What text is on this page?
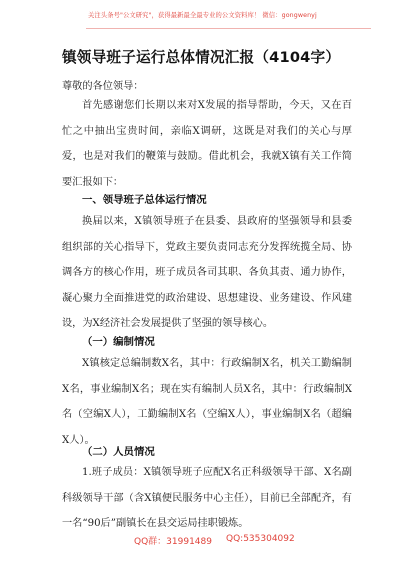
关注头条号"公文研究"，获得最新最全最专业的公文资料库！ 微信：gongwenyj
镇领导班子运行总体情况汇报（4104字）
尊敬的各位领导：
首先感谢您们长期以来对X发展的指导帮助，今天，又在百忙之中抽出宝贵时间，亲临X调研，这既是对我们的关心与厚爱，也是对我们的鞭策与鼓励。借此机会，我就X镇有关工作简要汇报如下：
一、领导班子总体运行情况
换届以来，X镇领导班子在县委、县政府的坚强领导和县委组织部的关心指导下，党政主要负责同志充分发挥统揽全局、协调各方的核心作用，班子成员各司其职、各负其责、通力协作，凝心聚力全面推进党的政治建设、思想建设、业务建设、作风建设，为X经济社会发展提供了坚强的领导核心。
（一）编制情况
X镇核定总编制数X名，其中：行政编制X名，机关工勤编制X名，事业编制X名；现在实有编制人员X名，其中：行政编制X名（空编X人），工勤编制X名（空编X人），事业编制X名（超编X人）。
（二）人员情况
1.班子成员：X镇领导班子应配X名正科级领导干部、X名副科级领导干部（含X镇便民服务中心主任），目前已全部配齐，有一名“90后”副镇长在县交运局挂职锻炼。
QQ群：31991489 QQ:535304092
